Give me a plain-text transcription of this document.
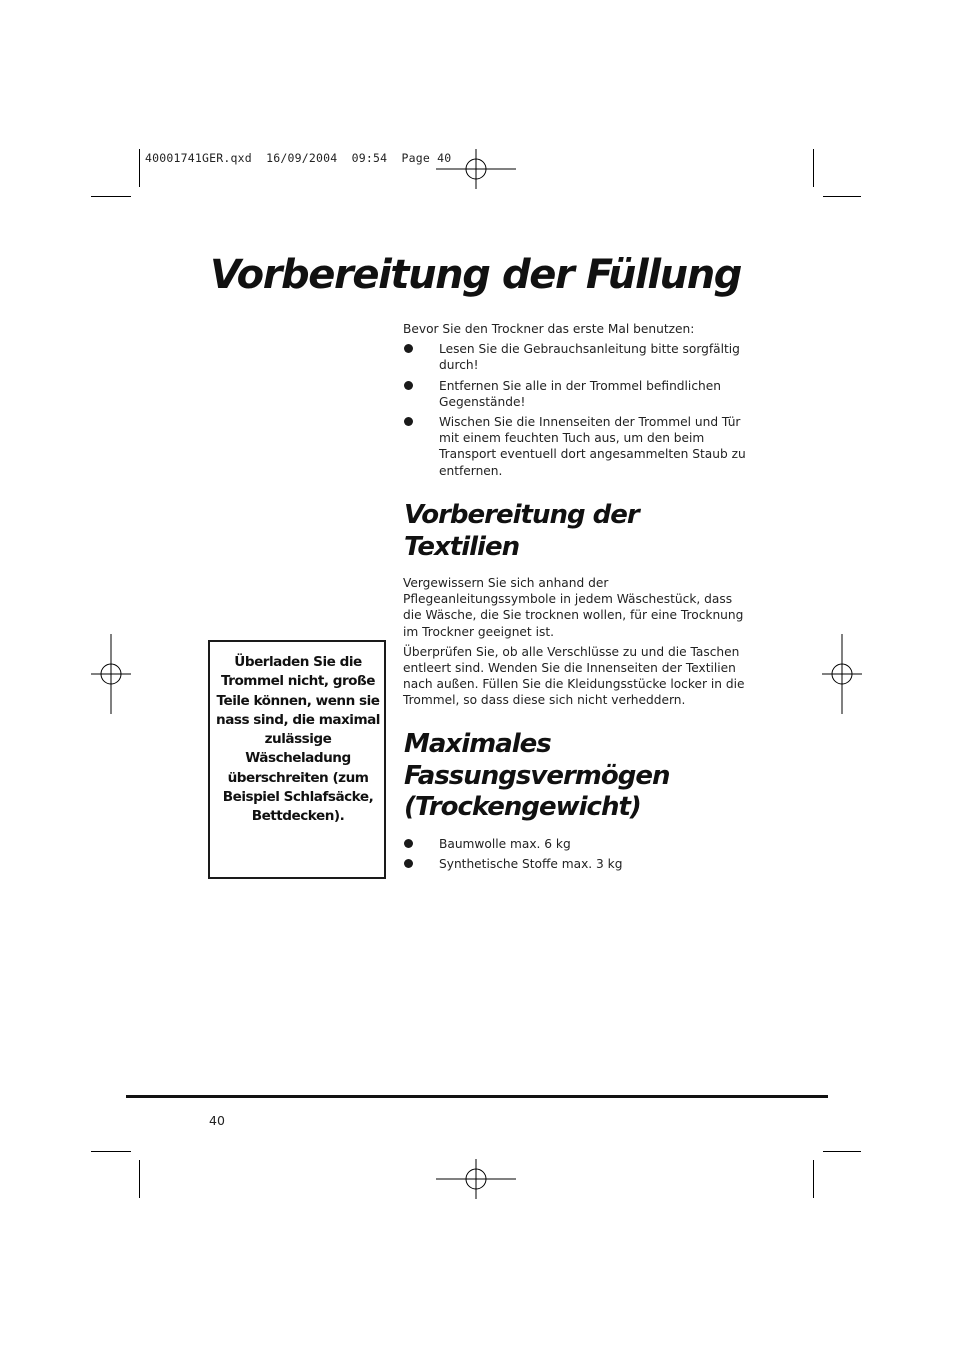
40001741GER.qxd  16/09/2004  09:54  Page 40
Vorbereitung der Füllung

Bevor Sie den Trockner das erste Mal benutzen:

Lesen Sie die Gebrauchsanleitung bitte sorgfältig durch!
Entfernen Sie alle in der Trommel befindlichen Gegenstände!
Wischen Sie die Innenseiten der Trommel und Tür mit einem feuchten Tuch aus, um den beim Transport eventuell dort angesammelten Staub zu entfernen.
Vorbereitung der Textilien

Vergewissern Sie sich anhand der Pflegeanleitungssymbole in jedem Wäschestück, dass die Wäsche, die Sie trocknen wollen, für eine Trocknung im Trockner geeignet ist.

Überprüfen Sie, ob alle Verschlüsse zu und die Taschen entleert sind. Wenden Sie die Innenseiten der Textilien nach außen. Füllen Sie die Kleidungsstücke locker in die Trommel, so dass diese sich nicht verheddern.

Maximales Fassungsvermögen (Trockengewicht)
Baumwolle max. 6 kg
Synthetische Stoffe max. 3 kg
Überladen Sie die Trommel nicht, große Teile können, wenn sie nass sind, die maximal zulässige Wäscheladung überschreiten (zum Beispiel Schlafsäcke, Bettdecken).
40
